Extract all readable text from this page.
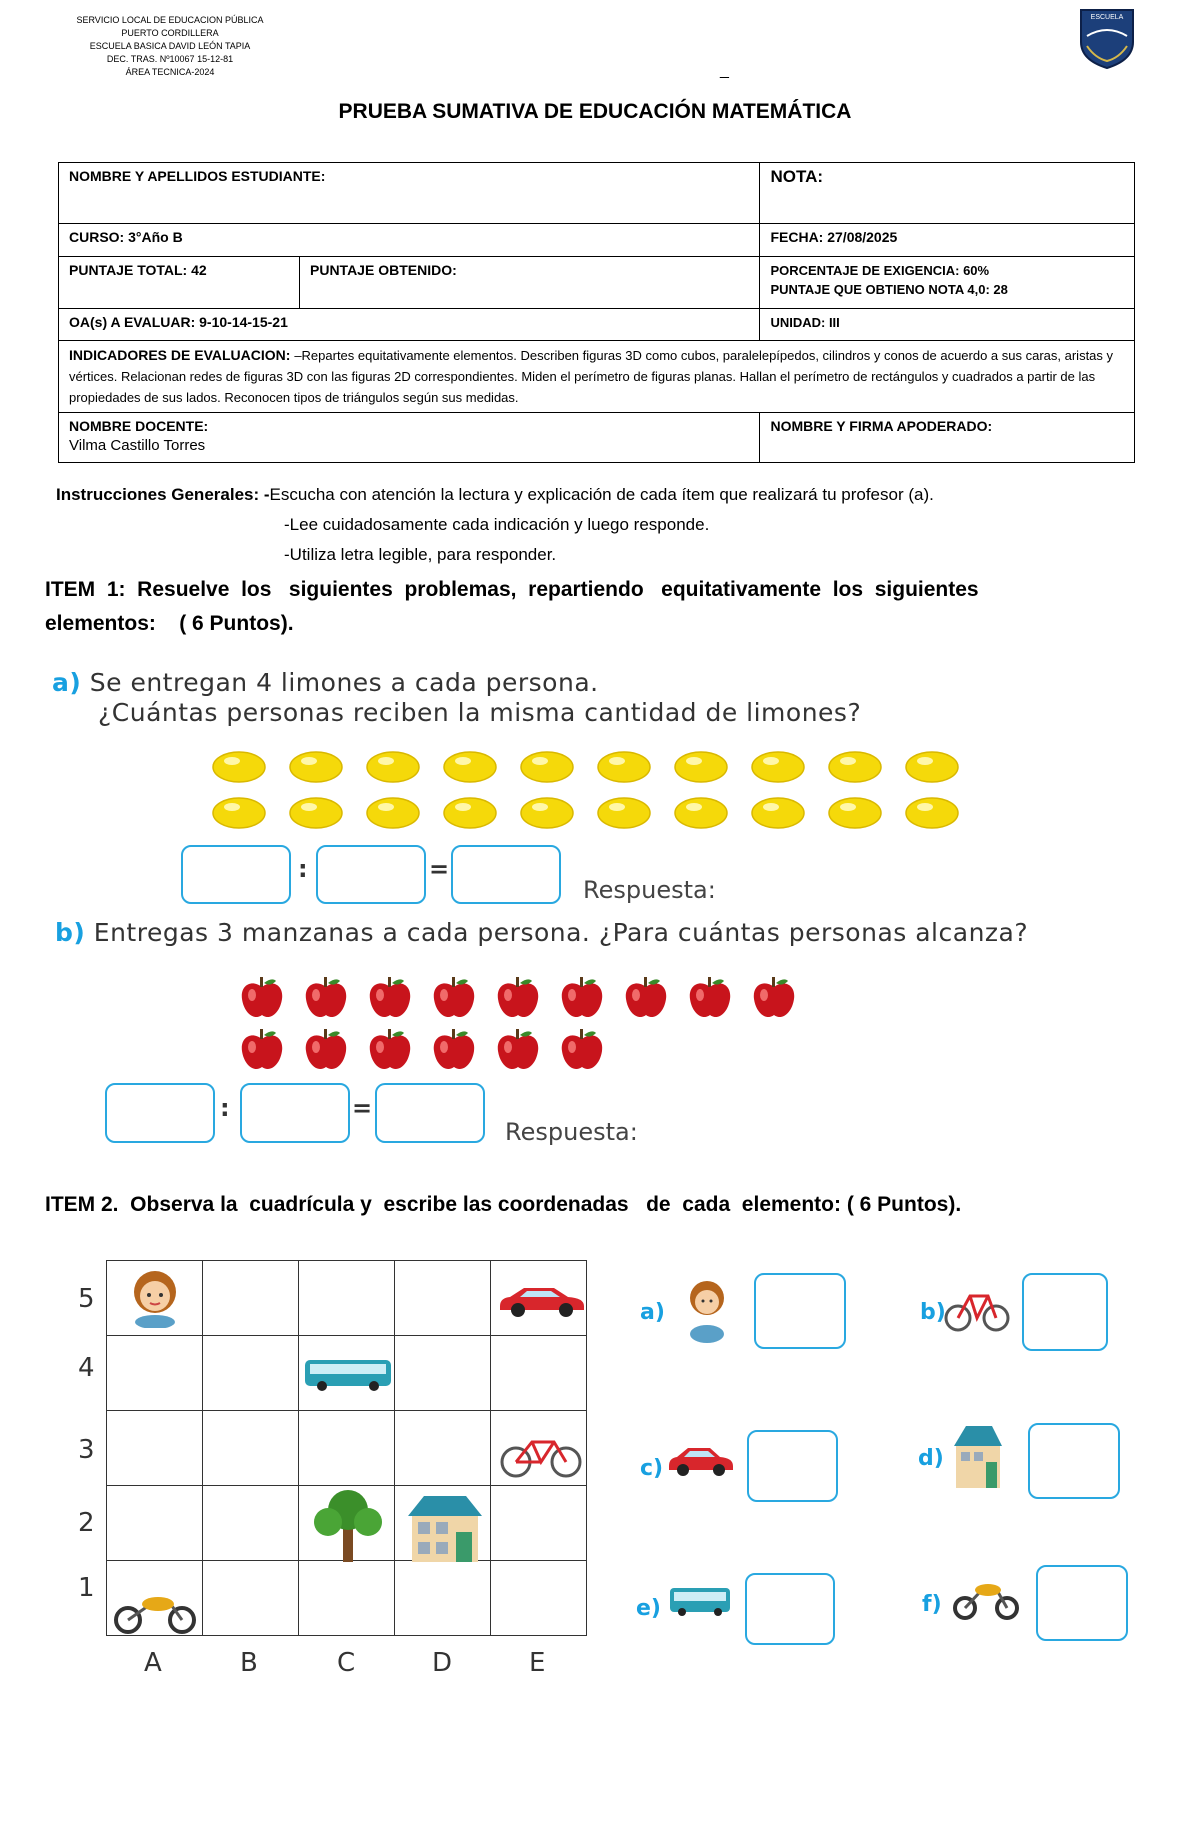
SERVICIO LOCAL DE EDUCACION PÚBLICA
PUERTO CORDILLERA
ESCUELA BASICA DAVID LEÓN TAPIA
DEC. TRAS. Nº10067 15-12-81
ÁREA TECNICA-2024	_
ESCUELA
PRUEBA SUMATIVA DE EDUCACIÓN MATEMÁTICA
NOMBRE Y APELLIDOS ESTUDIANTE:		NOTA:
CURSO: 3°Año B		FECHA: 27/08/2025
PUNTAJE TOTAL: 42	PUNTAJE OBTENIDO:	PORCENTAJE DE EXIGENCIA: 60%
PUNTAJE QUE OBTIENO NOTA 4,0: 28

OA(s) A EVALUAR: 9-10-14-15-21		UNIDAD: III
INDICADORES DE EVALUACION: –Repartes equitativamente elementos. Describen figuras 3D como cubos, paralelepípedos, cilindros y conos de acuerdo a sus caras, aristas y vértices. Relacionan redes de figuras 3D con las figuras 2D correspondientes. Miden el perímetro de figuras planas. Hallan el perímetro de rectángulos y cuadrados a partir de las propiedades de sus lados. Reconocen tipos de triángulos según sus medidas.		

NOMBRE DOCENTE:
Vilma Castillo Torres		NOMBRE Y FIRMA APODERADO:
Instrucciones Generales: -Escucha con atención la lectura y explicación de cada ítem que realizará tu profesor (a).
-Lee cuidadosamente cada indicación y luego responde.
-Utiliza letra legible, para responder.
ITEM  1:  Resuelve  los   siguientes  problemas,  repartiendo   equitativamente  los  siguientes
elementos:    ( 6 Puntos).
a) Se entregan 4 limones a cada persona.
¿Cuántas personas reciben la misma cantidad de limones?
:	=
Respuesta:
b) Entregas 3 manzanas a cada persona. ¿Para cuántas personas alcanza?
:	=
Respuesta:
ITEM 2.  Observa la  cuadrícula y  escribe las coordenadas   de  cada  elemento: ( 6 Puntos).
5
4
3
2
1

A	B	C	D	E
a)	b)
c)	d)
e)	f)
